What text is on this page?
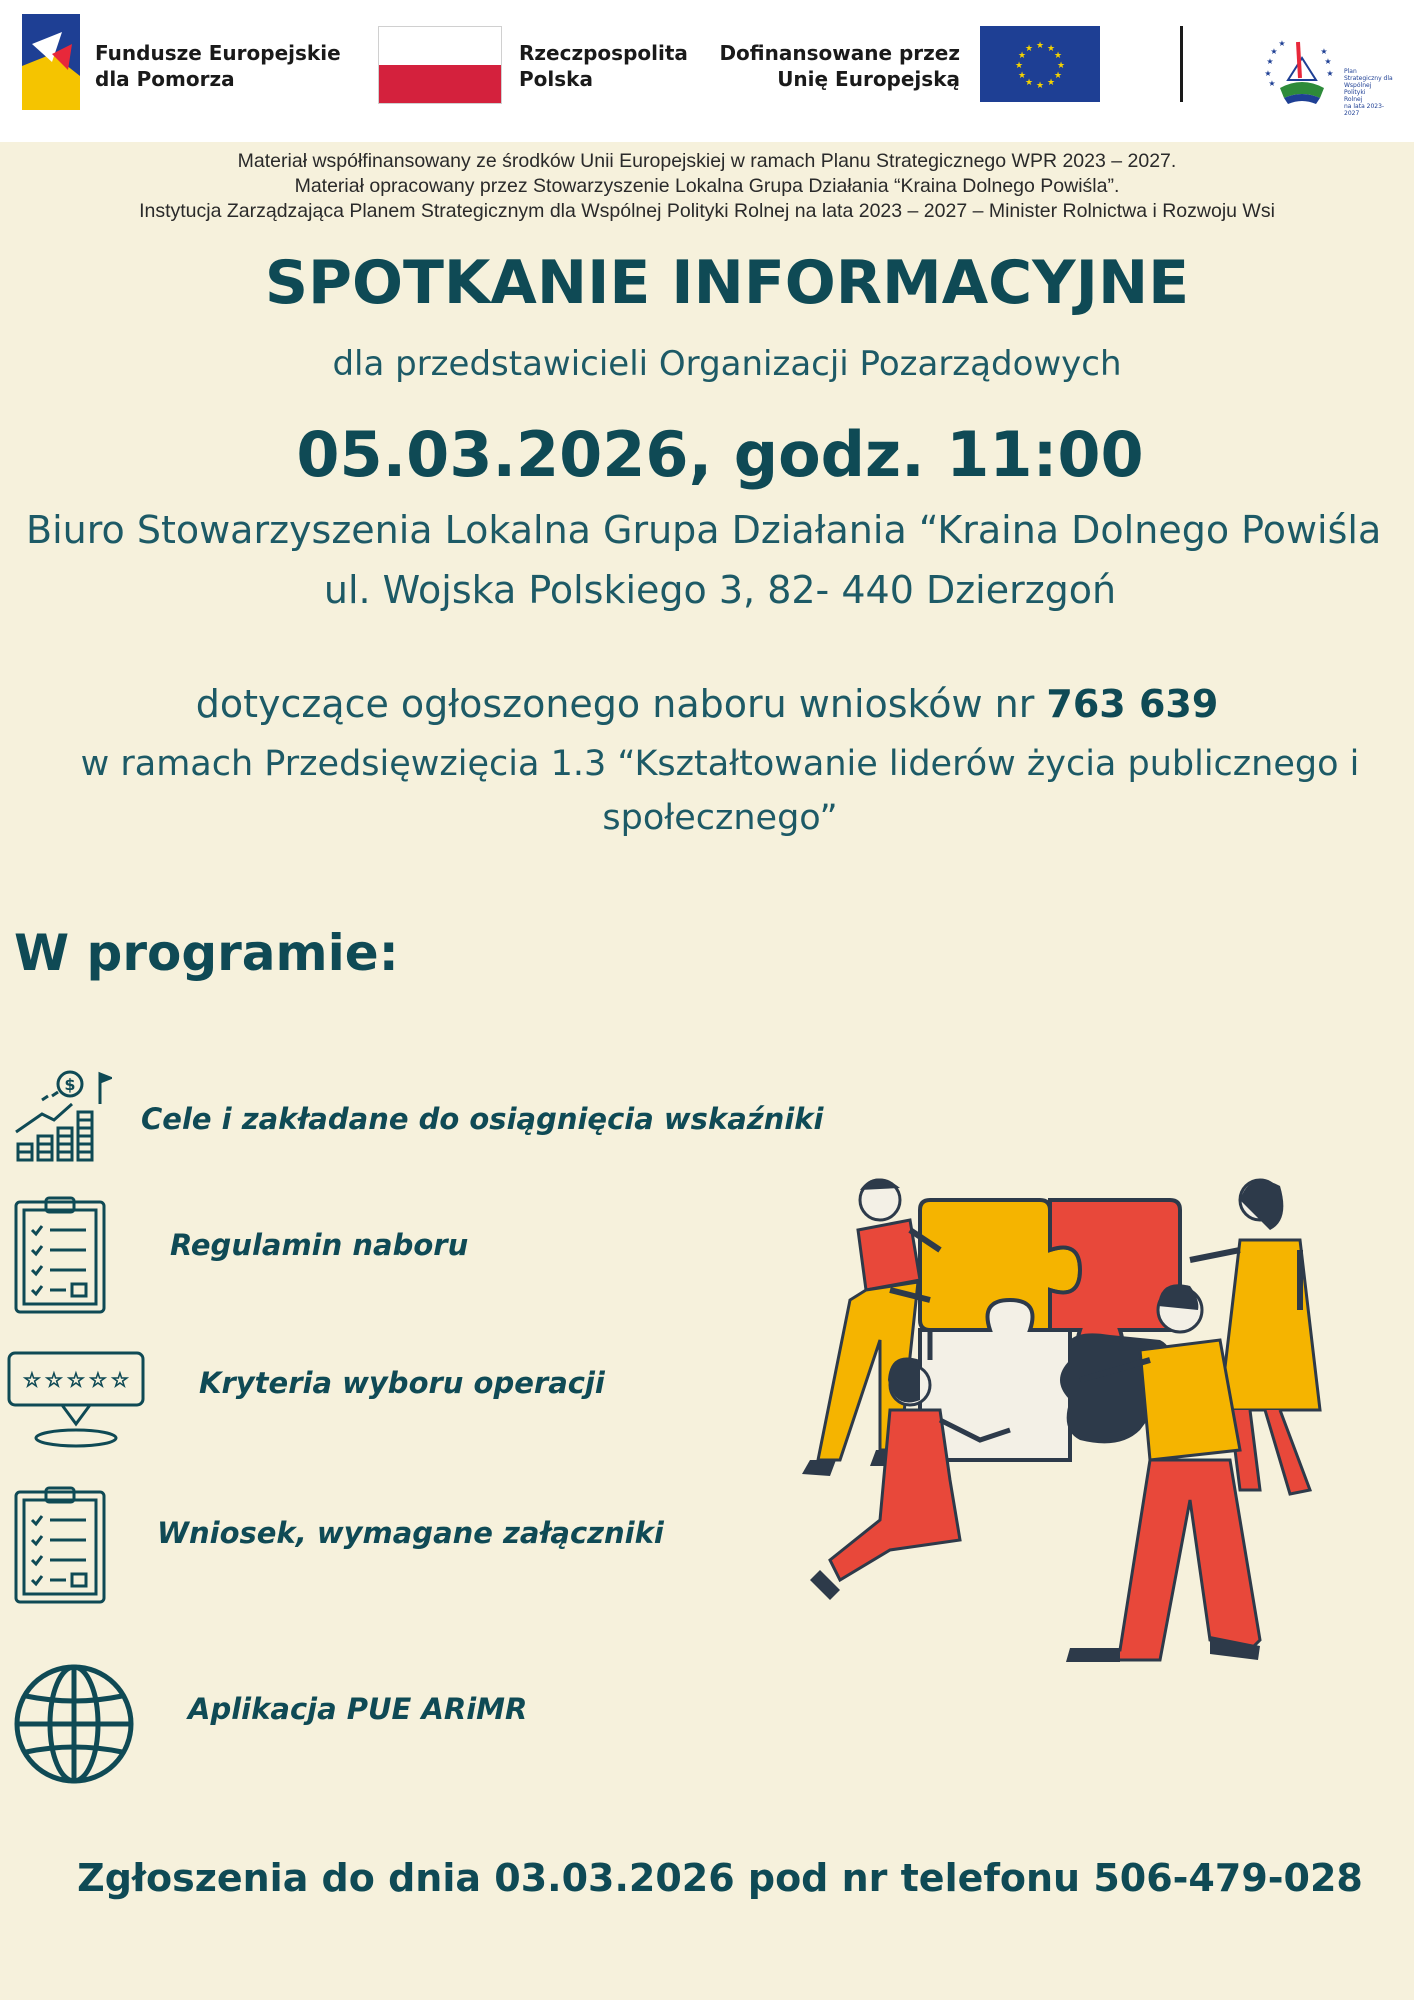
Fundusze Europejskie
dla Pomorza
Rzeczpospolita
Polska
Dofinansowane przez
Unię Europejską
★ ★
★
★
★
★
★
★
★
★
★
★
★
★
★
★
★
★
★
★ Plan
Strategiczny dla
Wspólnej
Polityki
Rolnej
na lata 2023-2027
Materiał współfinansowany ze środków Unii Europejskiej w ramach Planu Strategicznego WPR 2023 – 2027.
Materiał opracowany przez Stowarzyszenie Lokalna Grupa Działania “Kraina Dolnego Powiśla”.
Instytucja Zarządzająca Planem Strategicznym dla Wspólnej Polityki Rolnej na lata 2023 – 2027 – Minister Rolnictwa i Rozwoju Wsi
SPOTKANIE INFORMACYJNE
dla przedstawicieli Organizacji Pozarządowych
05.03.2026, godz. 11:00
Biuro Stowarzyszenia Lokalna Grupa Działania “Kraina Dolnego Powiśla
ul. Wojska Polskiego 3, 82- 440 Dzierzgoń
dotyczące ogłoszonego naboru wniosków nr 763 639
w ramach Przedsięwzięcia 1.3 “Kształtowanie liderów życia publicznego i
społecznego”
W programie:
$
Cele i zakładane do osiągnięcia wskaźniki
Regulamin naboru
★ ★ ★ ★ ★ Kryteria wyboru operacji
Wniosek, wymagane załączniki
Aplikacja PUE ARiMR
Zgłoszenia do dnia 03.03.2026 pod nr telefonu 506-479-028
